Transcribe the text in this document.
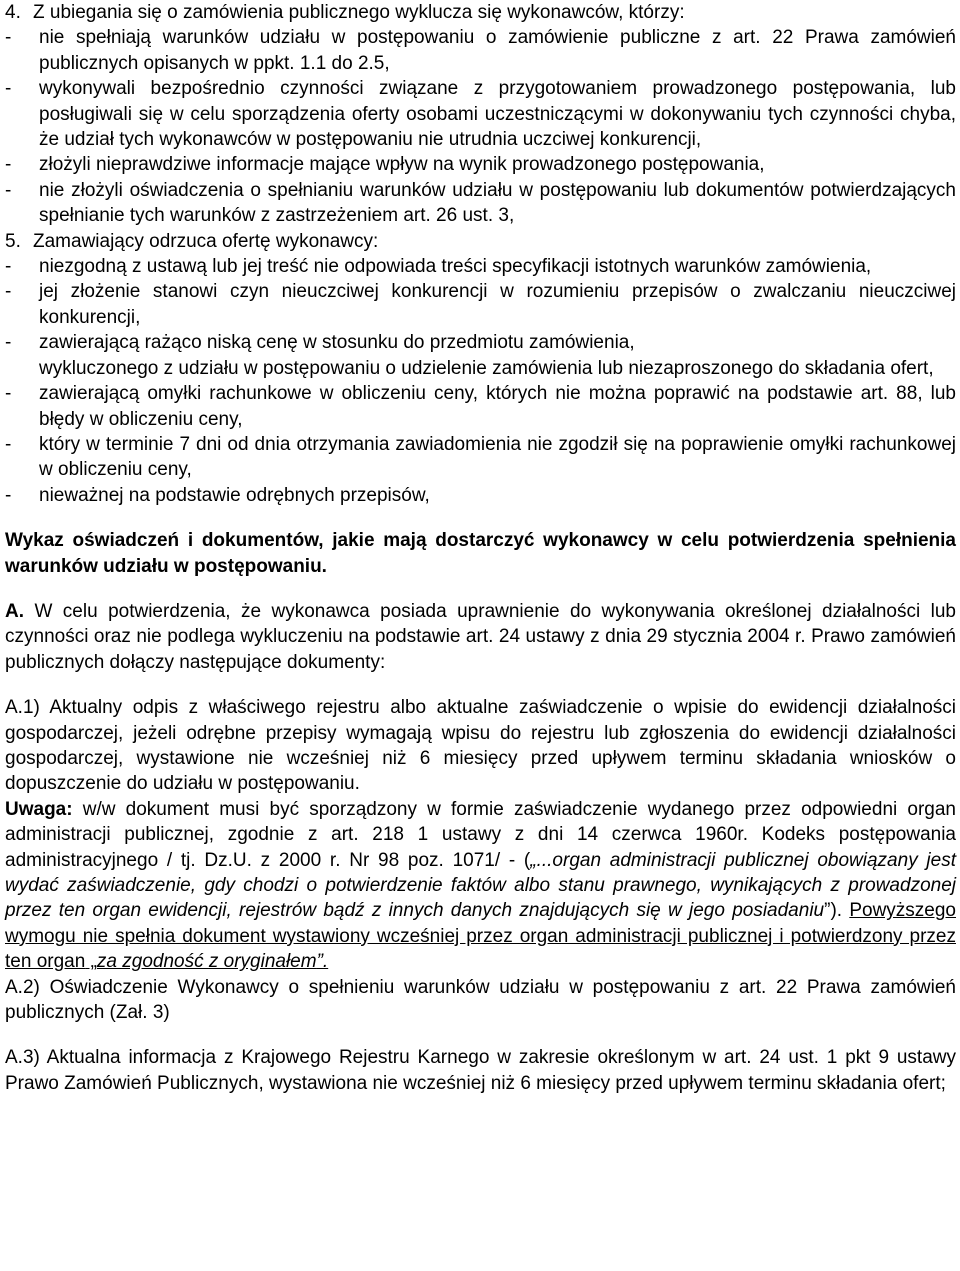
4. Z ubiegania się o zamówienia publicznego wyklucza się wykonawców, którzy:
-	nie spełniają warunków udziału w postępowaniu o zamówienie publiczne z art. 22 Prawa zamówień publicznych opisanych w ppkt. 1.1 do 2.5,
-	wykonywali bezpośrednio czynności związane z przygotowaniem prowadzonego postępowania, lub posługiwali się w celu sporządzenia oferty osobami uczestniczącymi w dokonywaniu tych czynności chyba, że udział tych wykonawców w postępowaniu nie utrudnia uczciwej konkurencji,
-	złożyli nieprawdziwe informacje mające wpływ na wynik prowadzonego postępowania,
-	nie złożyli oświadczenia o spełnianiu warunków udziału w postępowaniu lub dokumentów potwierdzających spełnianie tych warunków z zastrzeżeniem art. 26 ust. 3,
5. Zamawiający odrzuca ofertę wykonawcy:
-	niezgodną z ustawą lub jej treść nie odpowiada treści specyfikacji istotnych warunków zamówienia,
-	jej złożenie stanowi czyn nieuczciwej konkurencji w rozumieniu przepisów o zwalczaniu nieuczciwej konkurencji,
-	zawierającą rażąco niską cenę w stosunku do przedmiotu zamówienia,
wykluczonego z udziału w postępowaniu o udzielenie zamówienia lub niezaproszonego do składania ofert,
-	zawierającą omyłki rachunkowe w obliczeniu ceny, których nie można poprawić na podstawie art. 88, lub błędy w obliczeniu ceny,
-	który w terminie 7 dni od dnia otrzymania zawiadomienia nie zgodził się na poprawienie omyłki rachunkowej w obliczeniu ceny,
-	nieważnej na podstawie odrębnych przepisów,

Wykaz oświadczeń i dokumentów, jakie mają dostarczyć wykonawcy w celu potwierdzenia spełnienia warunków udziału w postępowaniu.

A. W celu potwierdzenia, że wykonawca posiada uprawnienie do wykonywania określonej działalności lub czynności oraz nie podlega wykluczeniu na podstawie art. 24 ustawy z dnia 29 stycznia 2004 r. Prawo zamówień publicznych dołączy następujące dokumenty:

A.1) Aktualny odpis z właściwego rejestru albo aktualne zaświadczenie o wpisie do ewidencji działalności gospodarczej, jeżeli odrębne przepisy wymagają wpisu do rejestru lub zgłoszenia do ewidencji działalności gospodarczej, wystawione nie wcześniej niż 6 miesięcy przed upływem terminu składania wniosków o dopuszczenie do udziału w postępowaniu.

Uwaga: w/w dokument musi być sporządzony w formie zaświadczenie wydanego przez odpowiedni organ administracji publicznej, zgodnie z art. 218 1 ustawy z dni 14 czerwca 1960r. Kodeks postępowania administracyjnego / tj. Dz.U. z 2000 r. Nr 98 poz. 1071/ - („...organ administracji publicznej obowiązany jest wydać zaświadczenie, gdy chodzi o potwierdzenie faktów albo stanu prawnego, wynikających z prowadzonej przez ten organ ewidencji, rejestrów bądź z innych danych znajdujących się w jego posiadaniu”). Powyższego wymogu nie spełnia dokument wystawiony wcześniej przez organ administracji publicznej i potwierdzony przez ten organ „za zgodność z oryginałem”.

A.2) Oświadczenie Wykonawcy o spełnieniu warunków udziału w postępowaniu z art. 22 Prawa zamówień publicznych (Zał. 3)

A.3) Aktualna informacja z Krajowego Rejestru Karnego w zakresie określonym w art. 24 ust. 1 pkt 9 ustawy Prawo Zamówień Publicznych, wystawiona nie wcześniej niż 6 miesięcy przed upływem terminu składania ofert;
